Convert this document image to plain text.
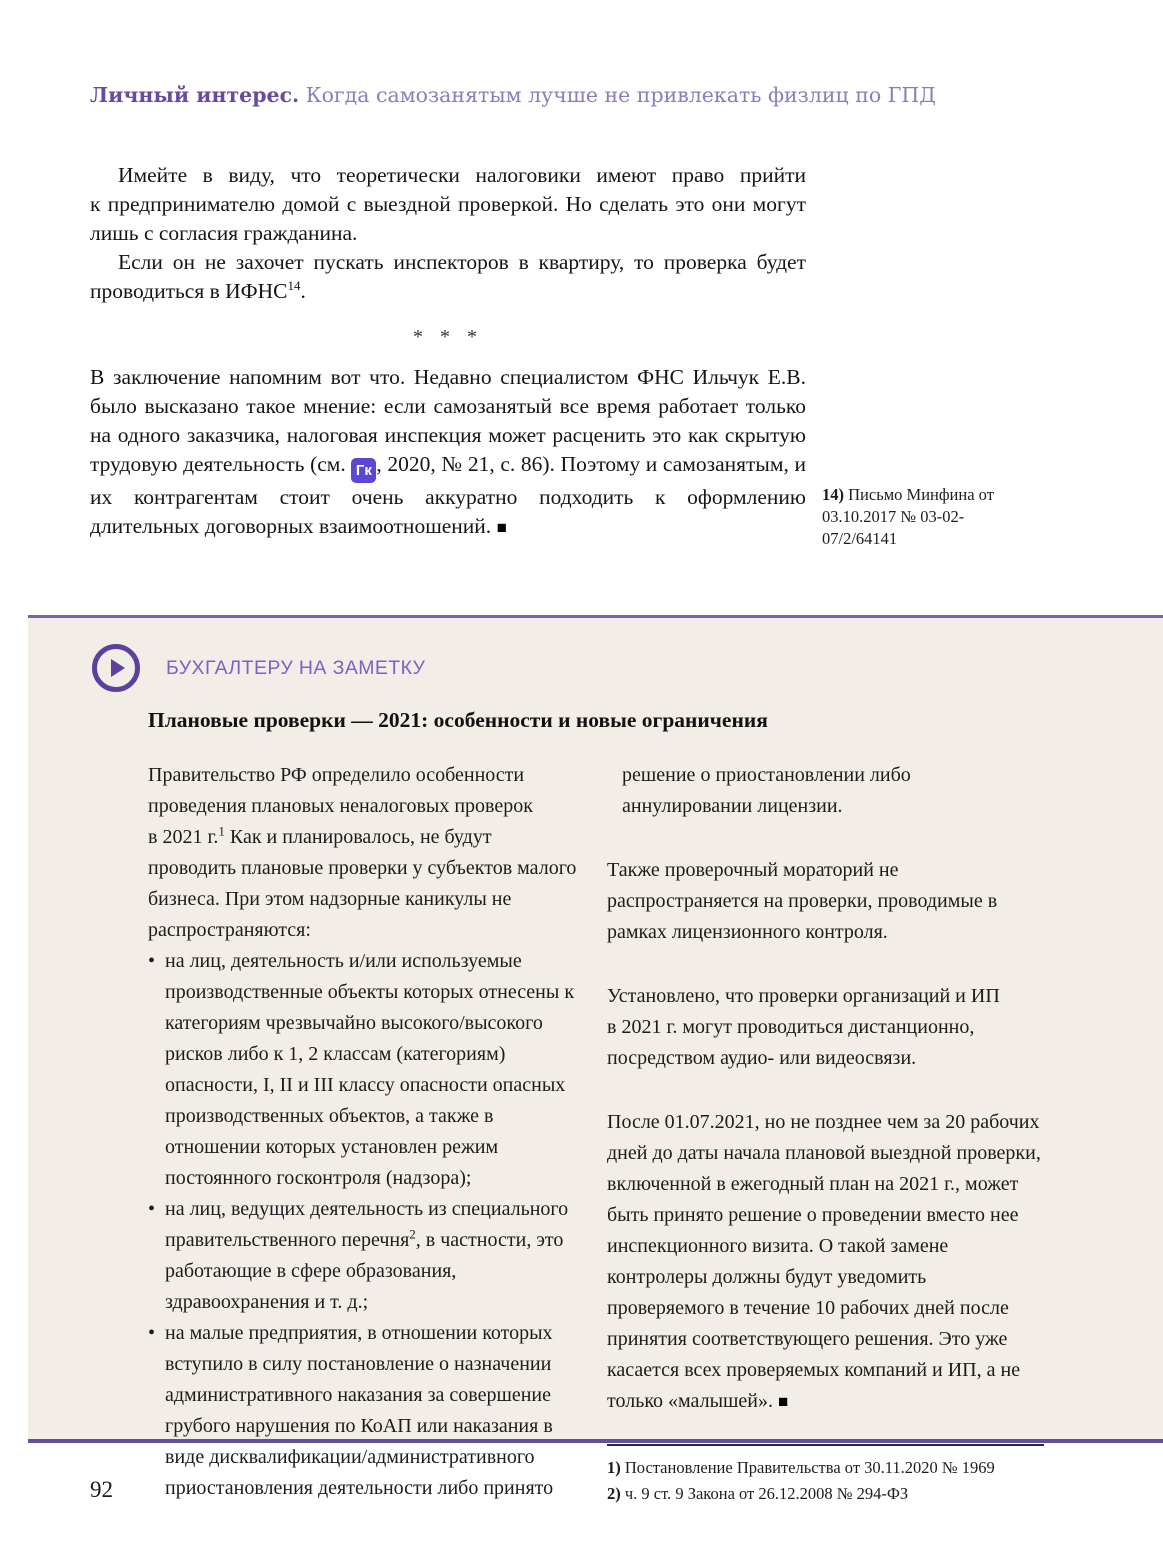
Личный интерес. Когда самозанятым лучше не привлекать физлиц по ГПД

Имейте в виду, что теоретически налоговики имеют право прийти к предпринимателю домой с выездной проверкой. Но сделать это они могут лишь с согласия гражданина.

Если он не захочет пускать инспекторов в квартиру, то проверка будет проводиться в ИФНС$^{14}$.

* * *

В заключение напомним вот что. Недавно специалистом ФНС Ильчук Е.В. было высказано такое мнение: если самозанятый все время работает только на одного заказчика, налоговая инспекция может расценить это как скрытую трудовую деятельность (см. Гк , 2020, № 21, с. 86). Поэтому и самозанятым, и их контрагентам стоит очень аккуратно подходить к оформлению длительных договорных взаимоотношений. ■

14) Письмо Минфина от 03.10.2017 № 03-02-07/2/64141
БУХГАЛТЕРУ НА ЗАМЕТКУ
Плановые проверки — 2021: особенности и новые ограничения

Правительство РФ определило особенности проведения плановых неналоговых проверок в 2021 г.$^1$ Как и планировалось, не будут проводить плановые проверки у субъектов малого бизнеса. При этом надзорные каникулы не распространяются:

• на лиц, деятельность и/или используемые производственные объекты которых отнесены к категориям чрезвычайно высокого/высокого рисков либо к 1, 2 классам (категориям) опасности, I, II и III классу опасности опасных производственных объектов, а также в отношении которых установлен режим постоянного госконтроля (надзора);
• на лиц, ведущих деятельность из специального правительственного перечня$^2$, в частности, это работающие в сфере образования, здравоохранения и т. д.;
• на малые предприятия, в отношении которых вступило в силу постановление о назначении административного наказания за совершение грубого нарушения по КоАП или наказания в виде дисквалификации/административного приостановления деятельности либо принято

решение о приостановлении либо аннулировании лицензии.

Также проверочный мораторий не распространяется на проверки, проводимые в рамках лицензионного контроля.

Установлено, что проверки организаций и ИП в 2021 г. могут проводиться дистанционно, посредством аудио- или видеосвязи.

После 01.07.2021, но не позднее чем за 20 рабочих дней до даты начала плановой выездной проверки, включенной в ежегодный план на 2021 г., может быть принято решение о проведении вместо нее инспекционного визита. О такой замене контролеры должны будут уведомить проверяемого в течение 10 рабочих дней после принятия соответствующего решения. Это уже касается всех проверяемых компаний и ИП, а не только «малышей». ■

1) Постановление Правительства от 30.11.2020 № 1969
2) ч. 9 ст. 9 Закона от 26.12.2008 № 294-ФЗ
92
